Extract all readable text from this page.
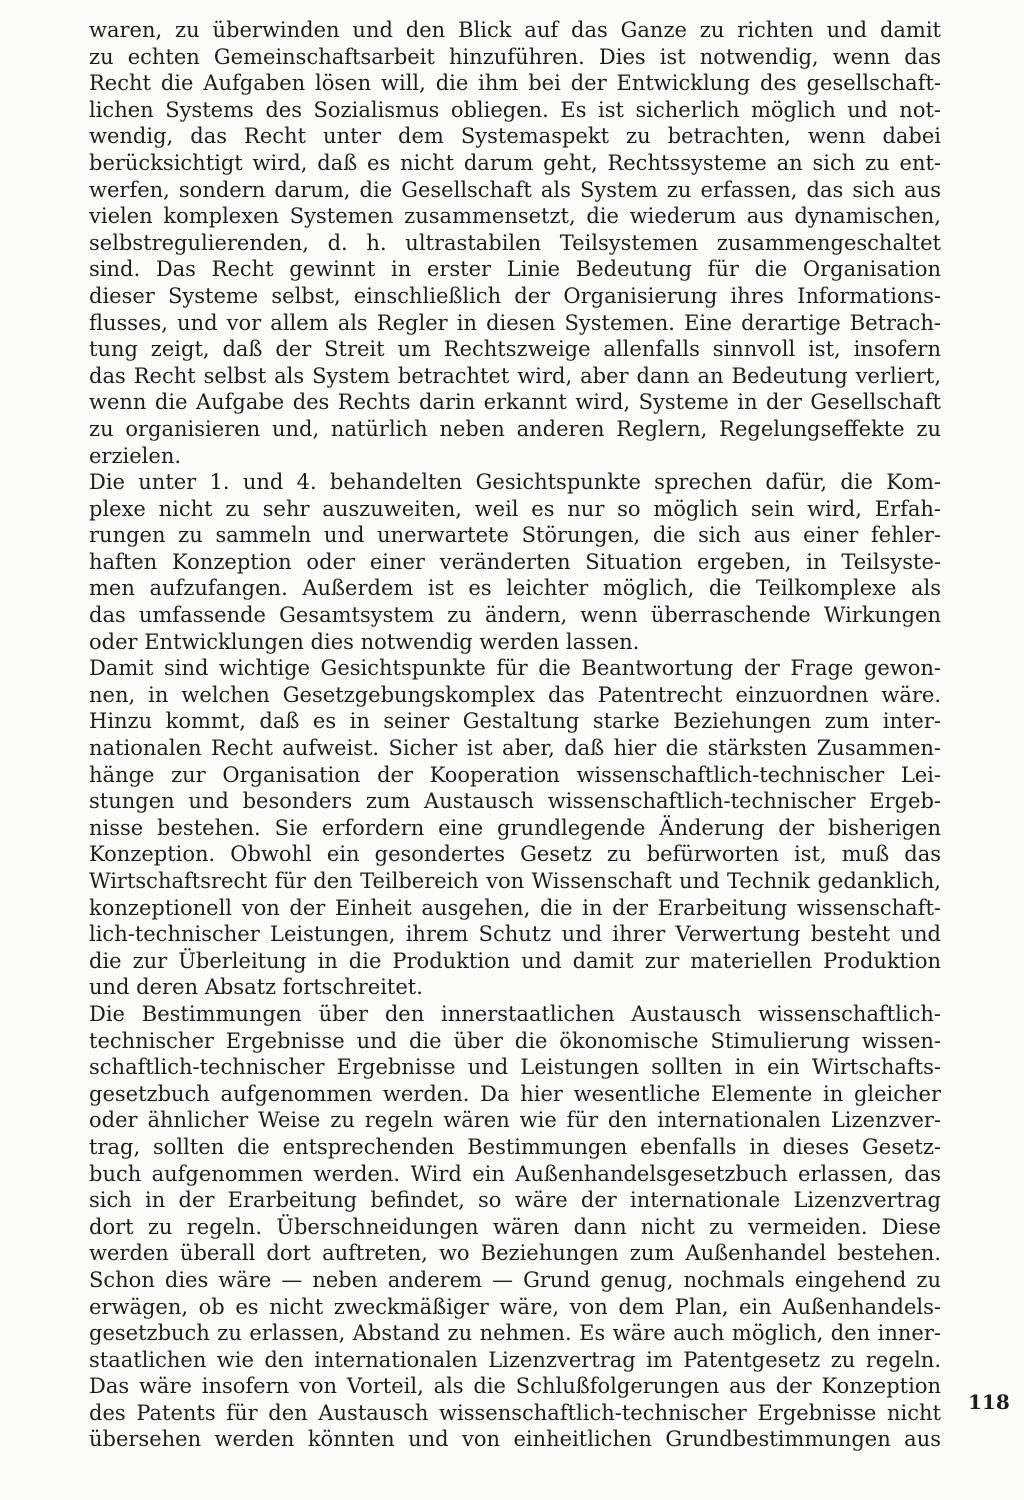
waren, zu überwinden und den Blick auf das Ganze zu richten und damit
zu echten Gemeinschaftsarbeit hinzuführen. Dies ist notwendig, wenn das
Recht die Aufgaben lösen will, die ihm bei der Entwicklung des gesellschaft-
lichen Systems des Sozialismus obliegen. Es ist sicherlich möglich und not-
wendig, das Recht unter dem Systemaspekt zu betrachten, wenn dabei
berücksichtigt wird, daß es nicht darum geht, Rechtssysteme an sich zu ent-
werfen, sondern darum, die Gesellschaft als System zu erfassen, das sich aus
vielen komplexen Systemen zusammensetzt, die wiederum aus dynamischen,
selbstregulierenden, d. h. ultrastabilen Teilsystemen zusammengeschaltet
sind. Das Recht gewinnt in erster Linie Bedeutung für die Organisation
dieser Systeme selbst, einschließlich der Organisierung ihres Informations-
flusses, und vor allem als Regler in diesen Systemen. Eine derartige Betrach-
tung zeigt, daß der Streit um Rechtszweige allenfalls sinnvoll ist, insofern
das Recht selbst als System betrachtet wird, aber dann an Bedeutung verliert,
wenn die Aufgabe des Rechts darin erkannt wird, Systeme in der Gesellschaft
zu organisieren und, natürlich neben anderen Reglern, Regelungseffekte zu
erzielen.
Die unter 1. und 4. behandelten Gesichtspunkte sprechen dafür, die Kom-
plexe nicht zu sehr auszuweiten, weil es nur so möglich sein wird, Erfah-
rungen zu sammeln und unerwartete Störungen, die sich aus einer fehler-
haften Konzeption oder einer veränderten Situation ergeben, in Teilsyste-
men aufzufangen. Außerdem ist es leichter möglich, die Teilkomplexe als
das umfassende Gesamtsystem zu ändern, wenn überraschende Wirkungen
oder Entwicklungen dies notwendig werden lassen.
Damit sind wichtige Gesichtspunkte für die Beantwortung der Frage gewon-
nen, in welchen Gesetzgebungskomplex das Patentrecht einzuordnen wäre.
Hinzu kommt, daß es in seiner Gestaltung starke Beziehungen zum inter-
nationalen Recht aufweist. Sicher ist aber, daß hier die stärksten Zusammen-
hänge zur Organisation der Kooperation wissenschaftlich-technischer Lei-
stungen und besonders zum Austausch wissenschaftlich-technischer Ergeb-
nisse bestehen. Sie erfordern eine grundlegende Änderung der bisherigen
Konzeption. Obwohl ein gesondertes Gesetz zu befürworten ist, muß das
Wirtschaftsrecht für den Teilbereich von Wissenschaft und Technik gedanklich,
konzeptionell von der Einheit ausgehen, die in der Erarbeitung wissenschaft-
lich-technischer Leistungen, ihrem Schutz und ihrer Verwertung besteht und
die zur Überleitung in die Produktion und damit zur materiellen Produktion
und deren Absatz fortschreitet.
Die Bestimmungen über den innerstaatlichen Austausch wissenschaftlich-
technischer Ergebnisse und die über die ökonomische Stimulierung wissen-
schaftlich-technischer Ergebnisse und Leistungen sollten in ein Wirtschafts-
gesetzbuch aufgenommen werden. Da hier wesentliche Elemente in gleicher
oder ähnlicher Weise zu regeln wären wie für den internationalen Lizenzver-
trag, sollten die entsprechenden Bestimmungen ebenfalls in dieses Gesetz-
buch aufgenommen werden. Wird ein Außenhandelsgesetzbuch erlassen, das
sich in der Erarbeitung befindet, so wäre der internationale Lizenzvertrag
dort zu regeln. Überschneidungen wären dann nicht zu vermeiden. Diese
werden überall dort auftreten, wo Beziehungen zum Außenhandel bestehen.
Schon dies wäre — neben anderem — Grund genug, nochmals eingehend zu
erwägen, ob es nicht zweckmäßiger wäre, von dem Plan, ein Außenhandels-
gesetzbuch zu erlassen, Abstand zu nehmen. Es wäre auch möglich, den inner-
staatlichen wie den internationalen Lizenzvertrag im Patentgesetz zu regeln.
Das wäre insofern von Vorteil, als die Schlußfolgerungen aus der Konzeption
des Patents für den Austausch wissenschaftlich-technischer Ergebnisse nicht
übersehen werden könnten und von einheitlichen Grundbestimmungen aus
118
